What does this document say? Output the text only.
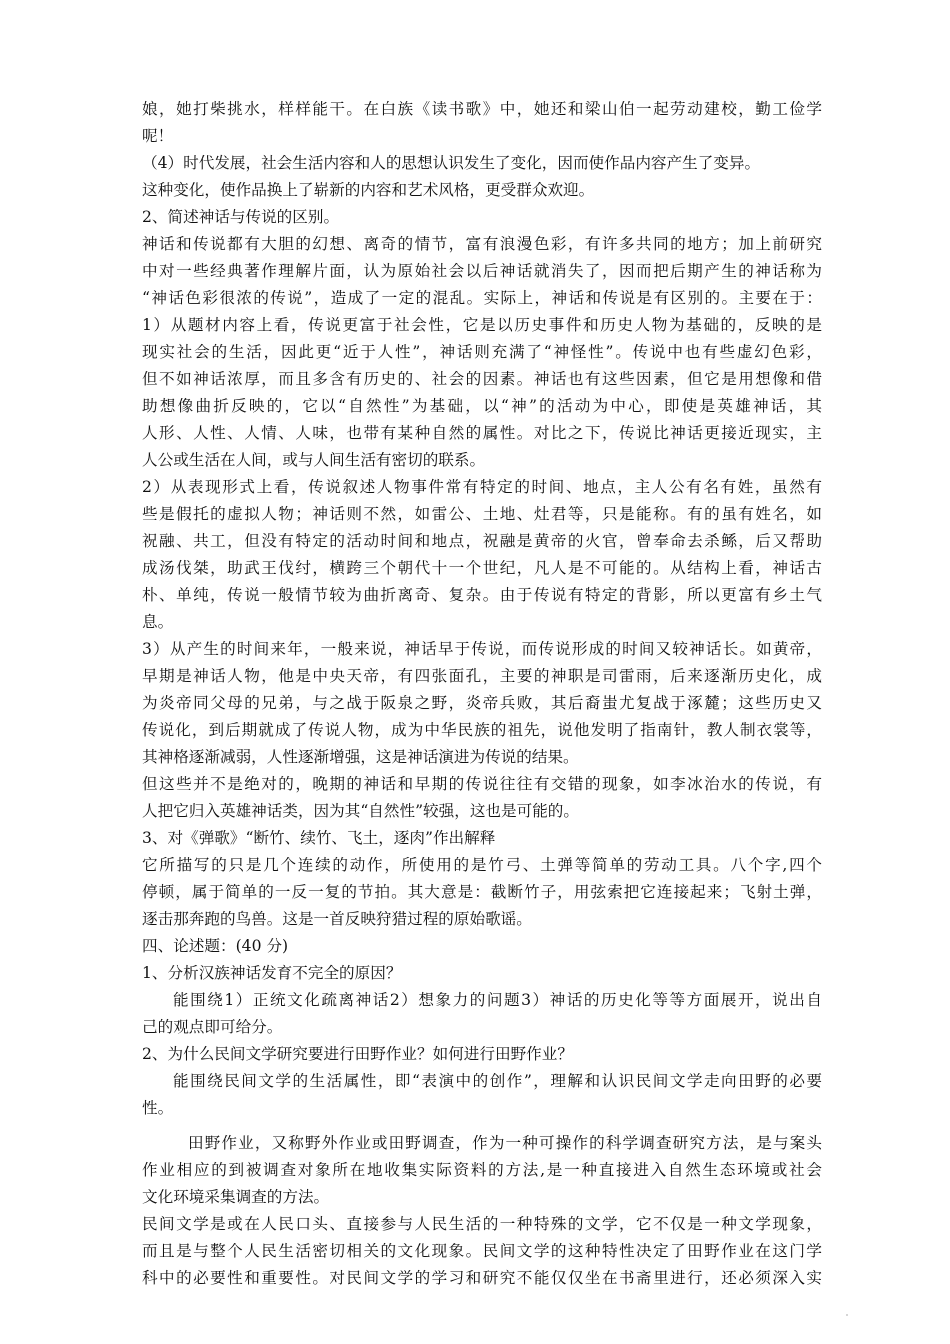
娘，她打柴挑水，样样能干。在白族《读书歌》中，她还和梁山伯一起劳动建校，勤工俭学
呢！
（4）时代发展，社会生活内容和人的思想认识发生了变化，因而使作品内容产生了变异。
这种变化，使作品换上了崭新的内容和艺术风格，更受群众欢迎。
2、简述神话与传说的区别。
神话和传说都有大胆的幻想、离奇的情节，富有浪漫色彩，有许多共同的地方；加上前研究
中对一些经典著作理解片面，认为原始社会以后神话就消失了，因而把后期产生的神话称为
“神话色彩很浓的传说”，造成了一定的混乱。实际上，神话和传说是有区别的。主要在于：
1）从题材内容上看，传说更富于社会性，它是以历史事件和历史人物为基础的，反映的是
现实社会的生活，因此更“近于人性”，神话则充满了“神怪性”。传说中也有些虚幻色彩，
但不如神话浓厚，而且多含有历史的、社会的因素。神话也有这些因素，但它是用想像和借
助想像曲折反映的，它以“自然性”为基础，以“神”的活动为中心，即使是英雄神话，其
人形、人性、人情、人味，也带有某种自然的属性。对比之下，传说比神话更接近现实，主
人公或生活在人间，或与人间生活有密切的联系。
2）从表现形式上看，传说叙述人物事件常有特定的时间、地点，主人公有名有姓，虽然有
些是假托的虚拟人物；神话则不然，如雷公、土地、灶君等，只是能称。有的虽有姓名，如
祝融、共工，但没有特定的活动时间和地点，祝融是黄帝的火官，曾奉命去杀鲧，后又帮助
成汤伐桀，助武王伐纣，横跨三个朝代十一个世纪，凡人是不可能的。从结构上看，神话古
朴、单纯，传说一般情节较为曲折离奇、复杂。由于传说有特定的背影，所以更富有乡土气
息。
3）从产生的时间来年，一般来说，神话早于传说，而传说形成的时间又较神话长。如黄帝，
早期是神话人物，他是中央天帝，有四张面孔，主要的神职是司雷雨，后来逐渐历史化，成
为炎帝同父母的兄弟，与之战于阪泉之野，炎帝兵败，其后裔蚩尤复战于涿麓；这些历史又
传说化，到后期就成了传说人物，成为中华民族的祖先，说他发明了指南针，教人制衣裳等，
其神格逐渐减弱，人性逐渐增强，这是神话演进为传说的结果。
但这些并不是绝对的，晚期的神话和早期的传说往往有交错的现象，如李冰治水的传说，有
人把它归入英雄神话类，因为其“自然性”较强，这也是可能的。
3、对《弹歌》“断竹、续竹、飞土，逐肉”作出解释
它所描写的只是几个连续的动作，所使用的是竹弓、土弹等简单的劳动工具。八个字,四个
停顿，属于简单的一反一复的节拍。其大意是：截断竹子，用弦索把它连接起来；飞射土弹，
逐击那奔跑的鸟兽。这是一首反映狩猎过程的原始歌谣。
四、论述题：(40 分)
1、分析汉族神话发育不完全的原因？
能围绕1）正统文化疏离神话2）想象力的问题3）神话的历史化等等方面展开，说出自
己的观点即可给分。
2、为什么民间文学研究要进行田野作业？如何进行田野作业？
能围绕民间文学的生活属性，即“表演中的创作”，理解和认识民间文学走向田野的必要
性。
田野作业，又称野外作业或田野调查，作为一种可操作的科学调查研究方法，是与案头
作业相应的到被调查对象所在地收集实际资料的方法,是一种直接进入自然生态环境或社会
文化环境采集调查的方法。
民间文学是或在人民口头、直接参与人民生活的一种特殊的文学，它不仅是一种文学现象，
而且是与整个人民生活密切相关的文化现象。民间文学的这种特性决定了田野作业在这门学
科中的必要性和重要性。对民间文学的学习和研究不能仅仅坐在书斋里进行，还必须深入实
